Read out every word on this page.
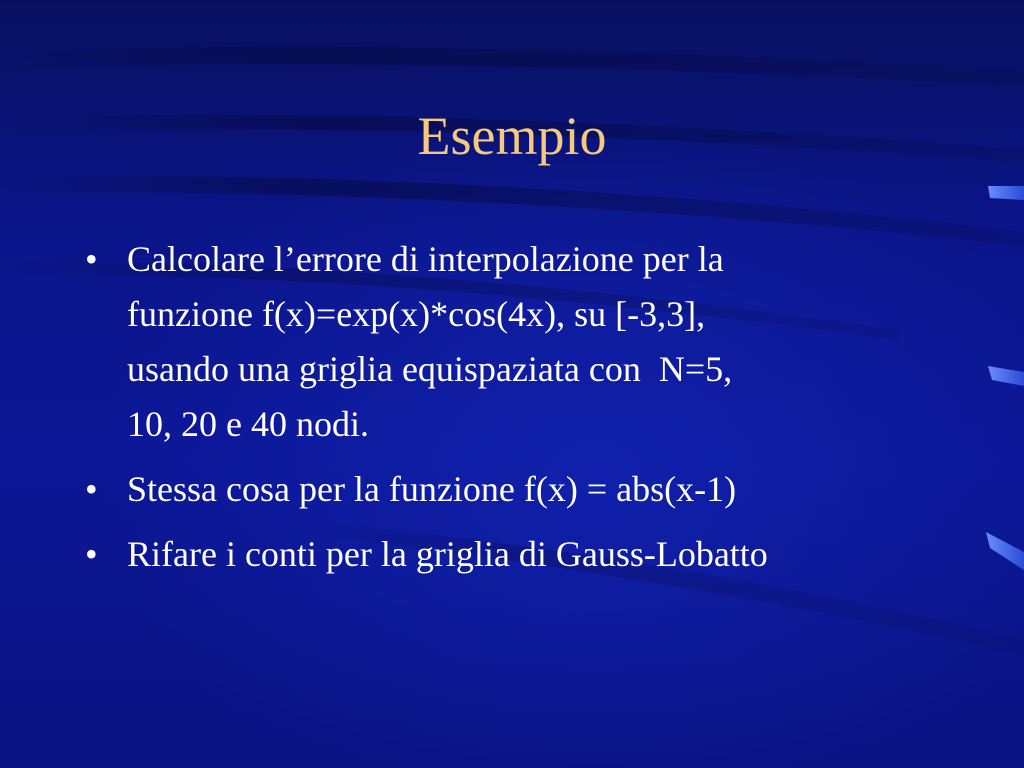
Esempio
• Calcolare l’errore di interpolazione per la
funzione f(x)=exp(x)*cos(4x), su [-3,3],
usando una griglia equispaziata con  N=5,
10, 20 e 40 nodi.
• Stessa cosa per la funzione f(x) = abs(x-1)
• Rifare i conti per la griglia di Gauss-Lobatto
